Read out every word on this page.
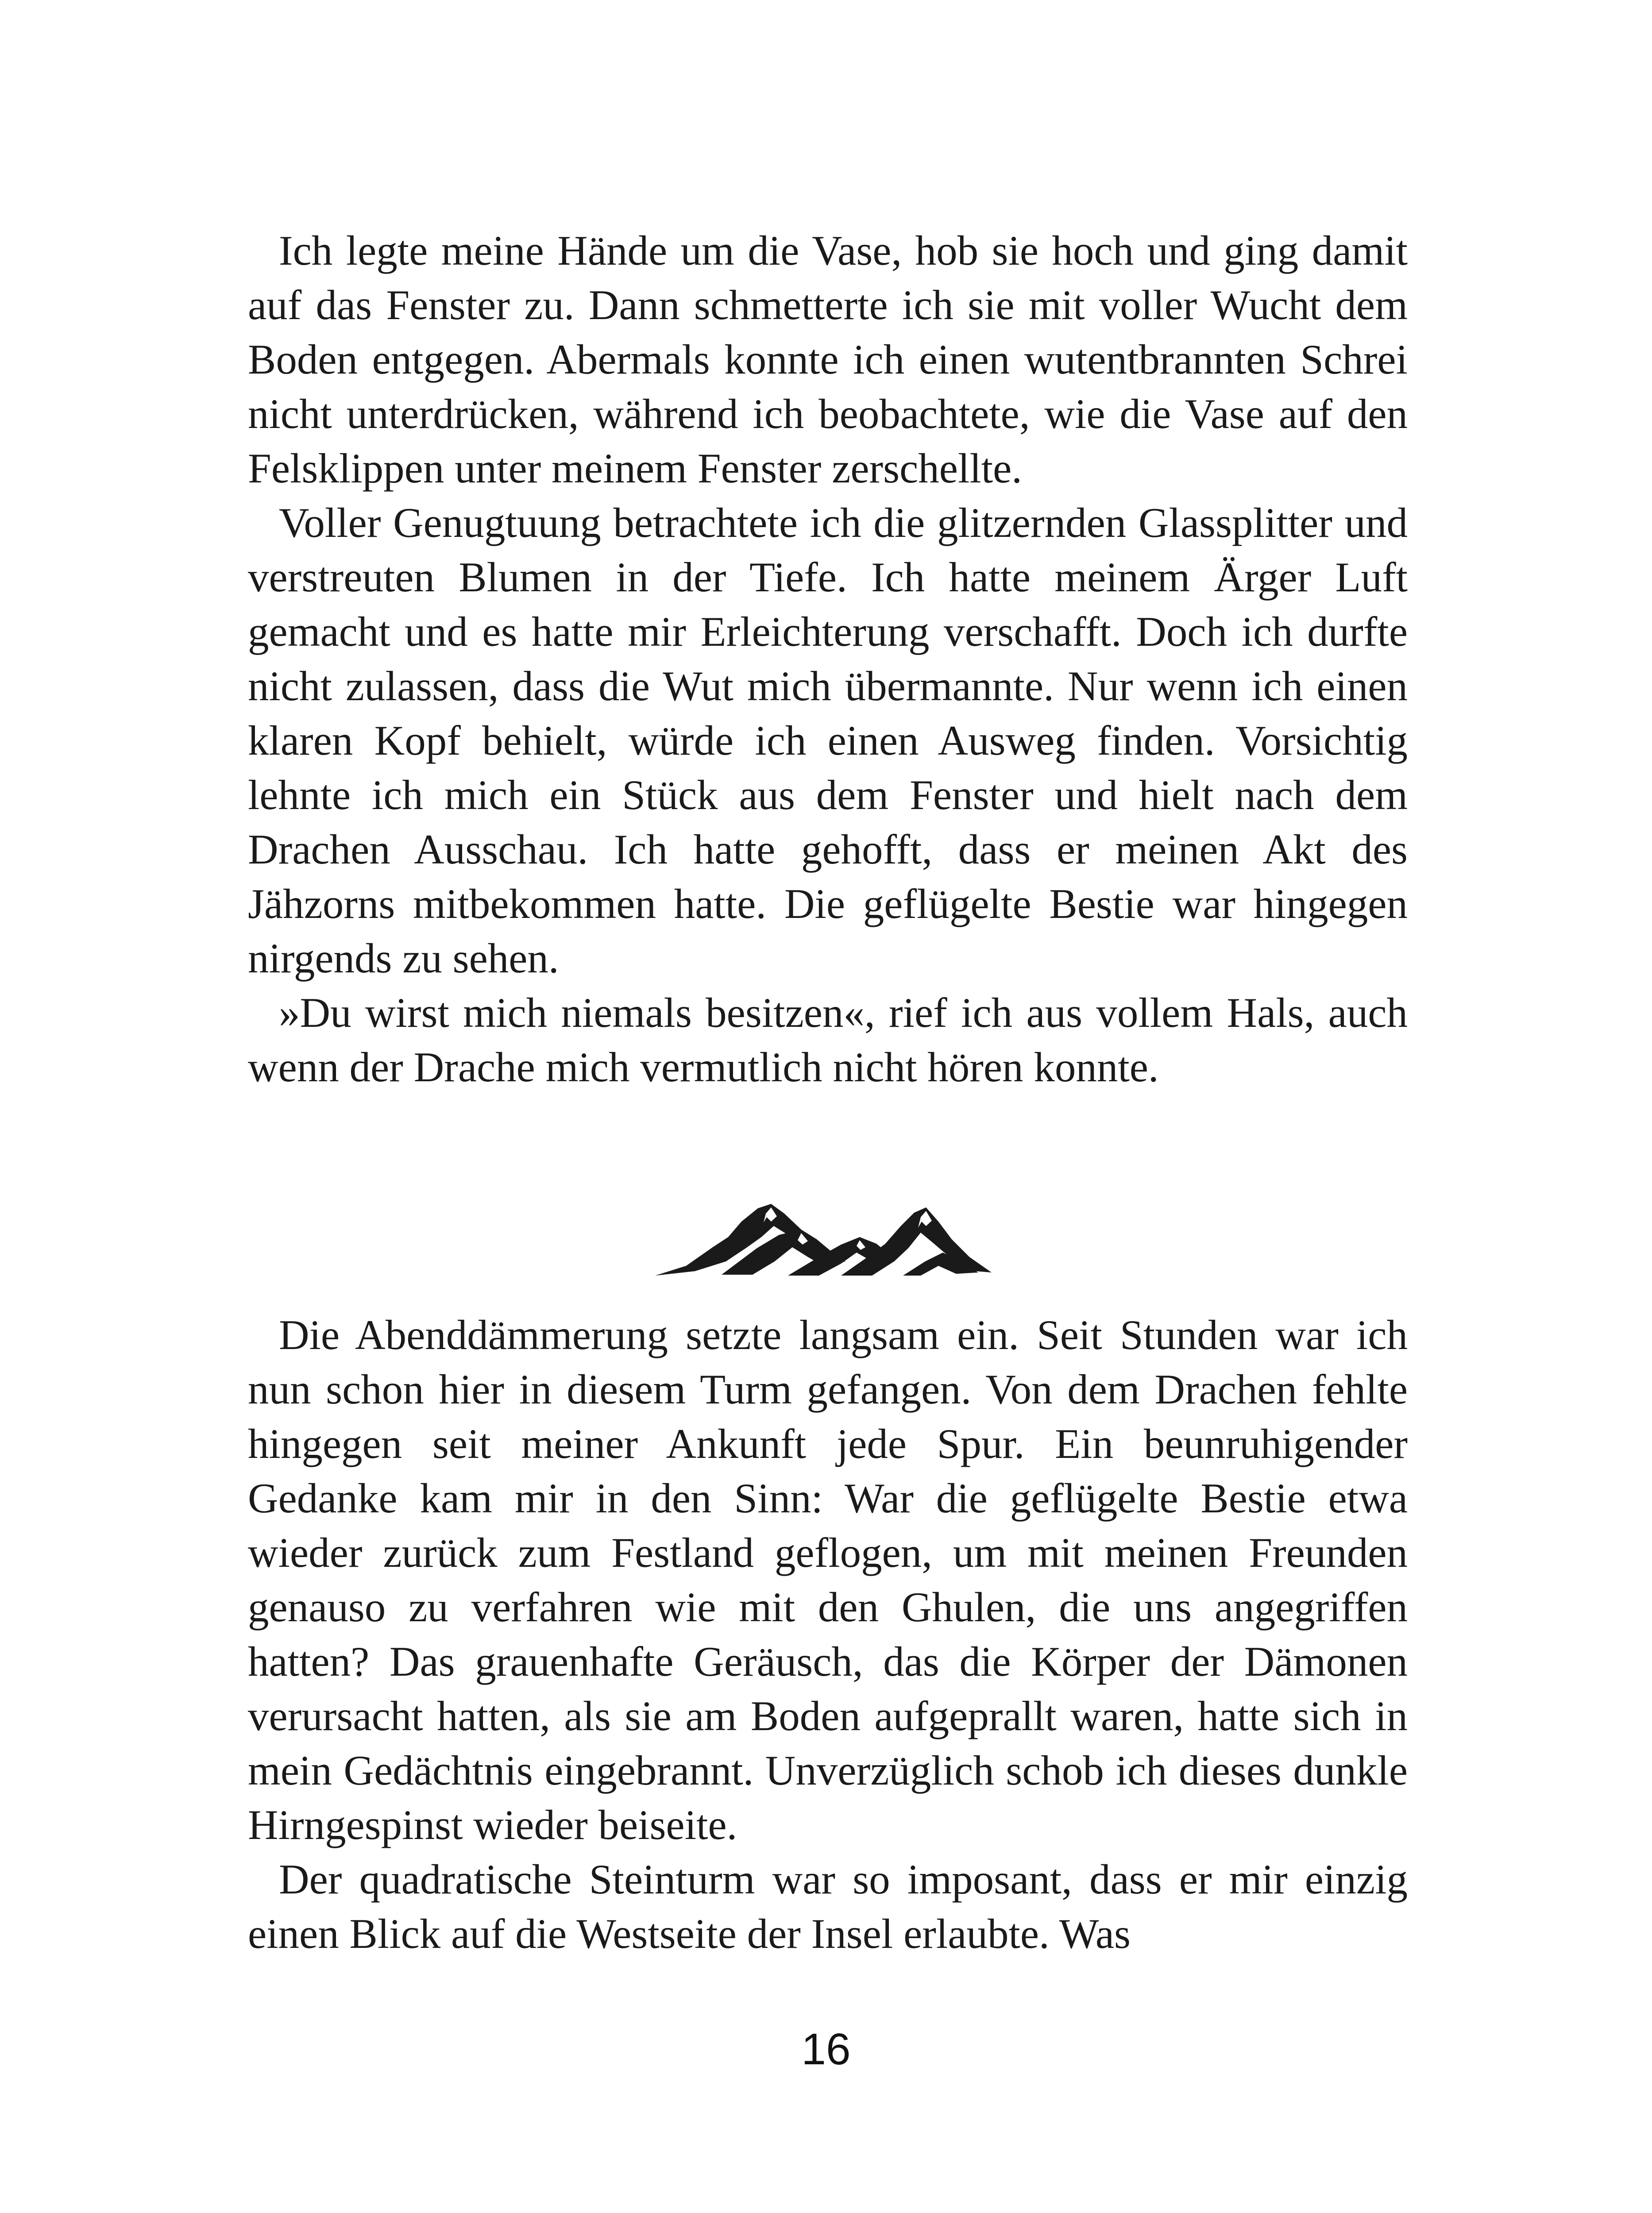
Ich legte meine Hände um die Vase, hob sie hoch und ging damit auf das Fenster zu. Dann schmetterte ich sie mit voller Wucht dem Boden entgegen. Abermals konnte ich einen wutentbrannten Schrei nicht unterdrücken, während ich beobachtete, wie die Vase auf den Felsklippen unter meinem Fenster zerschellte.

Voller Genugtuung betrachtete ich die glitzernden Glassplitter und verstreuten Blumen in der Tiefe. Ich hatte meinem Ärger Luft gemacht und es hatte mir Erleichterung verschafft. Doch ich durfte nicht zulassen, dass die Wut mich übermannte. Nur wenn ich einen klaren Kopf behielt, würde ich einen Ausweg finden. Vorsichtig lehnte ich mich ein Stück aus dem Fenster und hielt nach dem Drachen Ausschau. Ich hatte gehofft, dass er meinen Akt des Jähzorns mitbekommen hatte. Die geflügelte Bestie war hingegen nirgends zu sehen.

»Du wirst mich niemals besitzen«, rief ich aus vollem Hals, auch wenn der Drache mich vermutlich nicht hören konnte.

Die Abenddämmerung setzte langsam ein. Seit Stunden war ich nun schon hier in diesem Turm gefangen. Von dem Drachen fehlte hingegen seit meiner Ankunft jede Spur. Ein beunruhigender Gedanke kam mir in den Sinn: War die geflügelte Bestie etwa wieder zurück zum Festland geflogen, um mit meinen Freunden genauso zu verfahren wie mit den Ghulen, die uns angegriffen hatten? Das grauenhafte Geräusch, das die Körper der Dämonen verursacht hatten, als sie am Boden aufgeprallt waren, hatte sich in mein Gedächtnis eingebrannt. Unverzüglich schob ich dieses dunkle Hirngespinst wieder beiseite.

Der quadratische Steinturm war so imposant, dass er mir einzig einen Blick auf die Westseite der Insel erlaubte. Was

16
